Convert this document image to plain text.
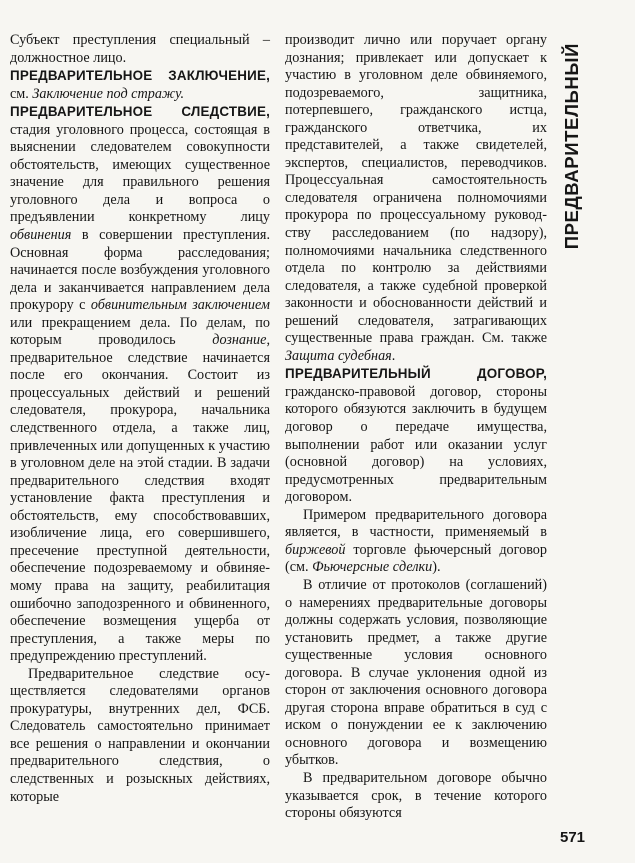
Субъект преступления специальный – должностное лицо.

ПРЕДВАРИТЕЛЬНОЕ ЗАКЛЮЧЕНИЕ, см. Заключение под стражу.

ПРЕДВАРИТЕЛЬНОЕ СЛЕДСТВИЕ, стадия уголовного процесса, состоящая в выяснении следователем совокупности обстоятельств, имеющих существенное значение для правильного решения уголовного дела и вопроса о предъявлении конкретному лицу обвинения в совершении преступления. Основная форма расследования; начинается после возбуждения уголовного дела и заканчивается направлением дела прокурору с обвинительным заключением или прекращением дела. По делам, по которым проводилось дознание, предварительное следствие начинается после его окончания. Состоит из процессуальных действий и решений следователя, прокурора, начальника следственного отдела, а также лиц, привлеченных или допущенных к участию в уголовном деле на этой стадии. В задачи предварительного следствия входят установление факта преступления и обстоятельств, ему способствовавших, изобличение лица, его совершившего, пресечение преступной деятельности, обеспечение подозреваемому и обвиняемому права на защиту, реабилитация ошибочно заподозренного и обвиненного, обеспечение возмещения ущерба от преступления, а также меры по предупреждению преступлений.

Предварительное следствие осуществляется следователями органов прокуратуры, внутренних дел, ФСБ. Следователь самостоятельно принимает все решения о направлении и окончании предварительного следствия, о следственных и розыскных действиях, которые

производит лично или поручает органу дознания; привлекает или допускает к участию в уголовном деле обвиняемого, подозреваемого, защитника, потерпевшего, гражданского истца, гражданского ответчика, их представителей, а также свидетелей, экспертов, специалистов, переводчиков. Процессуальная самостоятельность следователя ограничена полномочиями прокурора по процессуальному руководству расследованием (по надзору), полномочиями начальника следственного отдела по контролю за действиями следователя, а также судебной проверкой законности и обоснованности действий и решений следователя, затрагивающих существенные права граждан. См. также Защита судебная.

ПРЕДВАРИТЕЛЬНЫЙ ДОГОВОР, гражданско-правовой договор, стороны которого обязуются заключить в будущем договор о передаче имущества, выполнении работ или оказании услуг (основной договор) на условиях, предусмотренных предварительным договором.

Примером предварительного договора является, в частности, применяемый в биржевой торговле фьючерсный договор (см. Фьючерсные сделки).

В отличие от протоколов (соглашений) о намерениях предварительные договоры должны содержать условия, позволяющие установить предмет, а также другие существенные условия основного договора. В случае уклонения одной из сторон от заключения основного договора другая сторона вправе обратиться в суд с иском о понуждении ее к заключению основного договора и возмещению убытков.

В предварительном договоре обычно указывается срок, в течение которого стороны обязуются

ПРЕДВАРИТЕЛЬНЫЙ
571
